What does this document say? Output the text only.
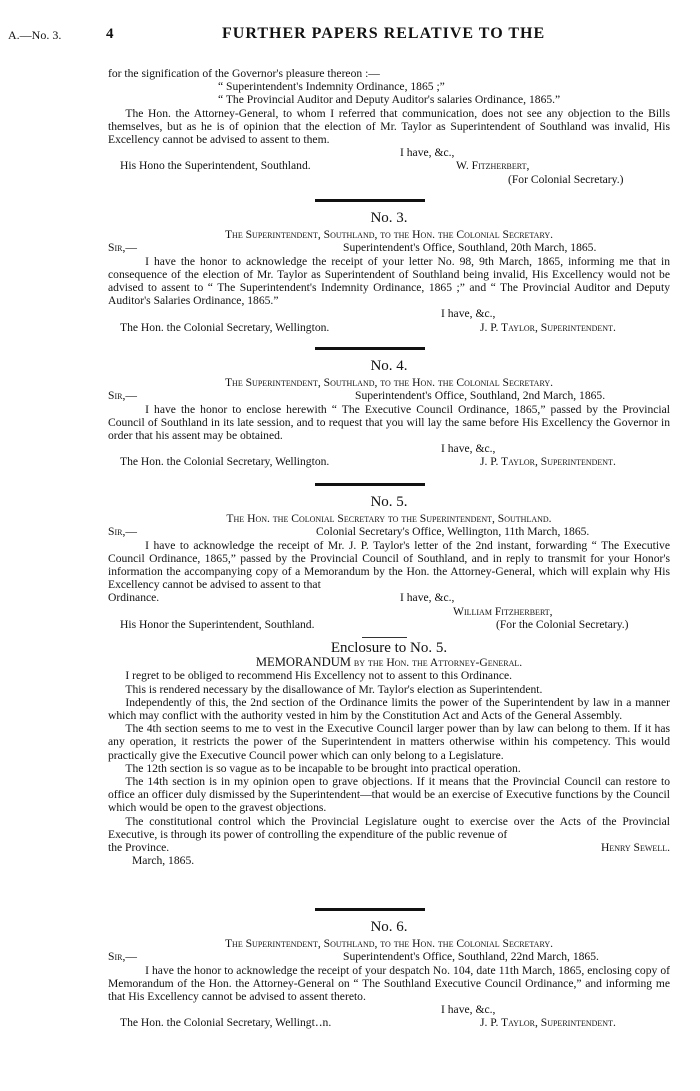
A.—No. 3.	4	FURTHER PAPERS RELATIVE TO THE

for the signification of the Governor's pleasure thereon :—

“ Superintendent's Indemnity Ordinance, 1865 ;”

“ The Provincial Auditor and Deputy Auditor's salaries Ordinance, 1865.”

The Hon. the Attorney-General, to whom I referred that communication, does not see any objection to the Bills themselves, but as he is of opinion that the election of Mr. Taylor as Superintendent of Southland was invalid, His Excellency cannot be advised to assent to them.

I have, &c.,

His Hono the Superintendent, Southland.	W. Fitzherbert,

(For Colonial Secretary.)

No. 3.

The Superintendent, Southland, to the Hon. the Colonial Secretary.

Sir,—	Superintendent's Office, Southland, 20th March, 1865.

I have the honor to acknowledge the receipt of your letter No. 98, 9th March, 1865, informing me that in consequence of the election of Mr. Taylor as Superintendent of Southland being invalid, His Excellency would not be advised to assent to “ The Superintendent's Indemnity Ordinance, 1865 ;” and “ The Provincial Auditor and Deputy Auditor's Salaries Ordinance, 1865.”

I have, &c.,

The Hon. the Colonial Secretary, Wellington.	J. P. Taylor, Superintendent.
No. 4.

The Superintendent, Southland, to the Hon. the Colonial Secretary.

Sir,—	Superintendent's Office, Southland, 2nd March, 1865.

I have the honor to enclose herewith “ The Executive Council Ordinance, 1865,” passed by the Provincial Council of Southland in its late session, and to request that you will lay the same before His Excellency the Governor in order that his assent may be obtained.

I have, &c.,

The Hon. the Colonial Secretary, Wellington.	J. P. Taylor, Superintendent.
No. 5.

The Hon. the Colonial Secretary to the Superintendent, Southland.

Sir,—	Colonial Secretary's Office, Wellington, 11th March, 1865.

I have to acknowledge the receipt of Mr. J. P. Taylor's letter of the 2nd instant, forwarding “ The Executive Council Ordinance, 1865,” passed by the Provincial Council of Southland, and in reply to transmit for your Honor's information the accompanying copy of a Memorandum by the Hon. the Attorney-General, which will explain why His Excellency cannot be advised to assent to that

Ordinance.	I have, &c.,

William Fitzherbert,

His Honor the Superintendent, Southland.	(For the Colonial Secretary.)
Enclosure to No. 5.

MEMORANDUM by the Hon. the Attorney-General.

I regret to be obliged to recommend His Excellency not to assent to this Ordinance.

This is rendered necessary by the disallowance of Mr. Taylor's election as Superintendent.

Independently of this, the 2nd section of the Ordinance limits the power of the Superintendent by law in a manner which may conflict with the authority vested in him by the Constitution Act and Acts of the General Assembly.

The 4th section seems to me to vest in the Executive Council larger power than by law can belong to them. If it has any operation, it restricts the power of the Superintendent in matters otherwise within his competency. This would practically give the Executive Council power which can only belong to a Legislature.

The 12th section is so vague as to be incapable to be brought into practical operation.

The 14th section is in my opinion open to grave objections. If it means that the Provincial Council can restore to office an officer duly dismissed by the Superintendent—that would be an exercise of Executive functions by the Council which would be open to the gravest objections.

The constitutional control which the Provincial Legislature ought to exercise over the Acts of the Provincial Executive, is through its power of controlling the expenditure of the public revenue of

the Province.	Henry Sewell.

March, 1865.

No. 6.

The Superintendent, Southland, to the Hon. the Colonial Secretary.

Sir,—	Superintendent's Office, Southland, 22nd March, 1865.

I have the honor to acknowledge the receipt of your despatch No. 104, date 11th March, 1865, enclosing copy of Memorandum of the Hon. the Attorney-General on “ The Southland Executive Council Ordinance,” and informing me that His Excellency cannot be advised to assent thereto.

I have, &c.,

The Hon. the Colonial Secretary, Wellingt‥n.	J. P. Taylor, Superintendent.
